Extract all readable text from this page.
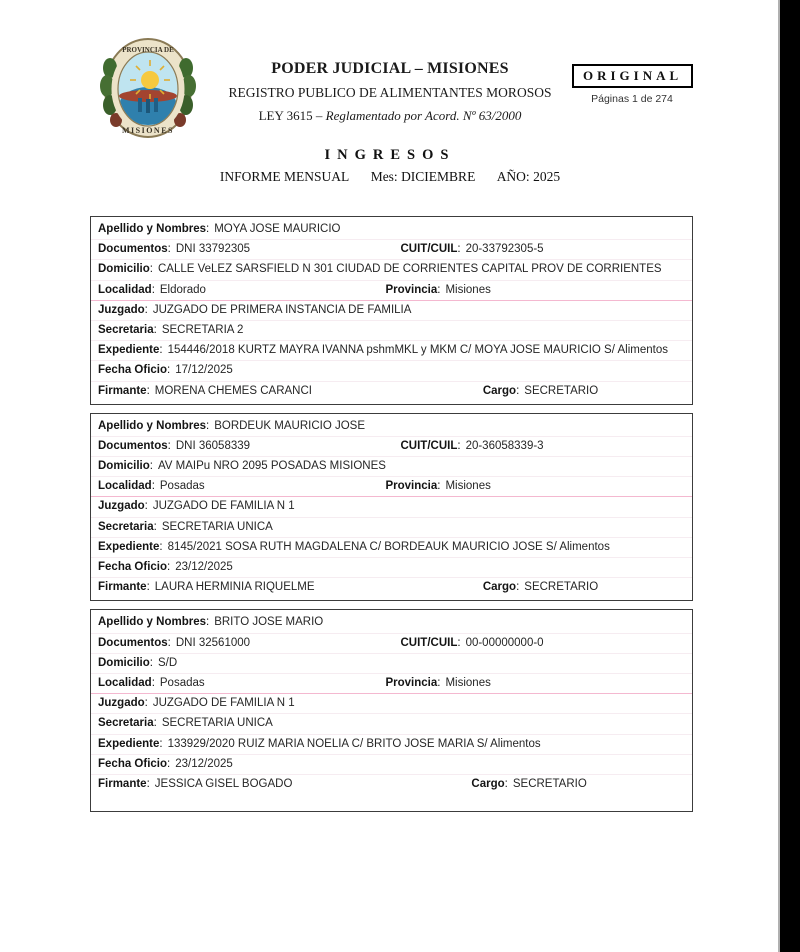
PROVINCIA DE
MISIONES
PODER JUDICIAL – MISIONES
REGISTRO PUBLICO DE ALIMENTANTES MOROSOS
LEY 3615 – Reglamentado por Acord. Nº 63/2000
ORIGINAL
Páginas 1 de 274
INGRESOS
INFORME MENSUAL Mes: DICIEMBRE AÑO: 2025
Apellido y Nombres : MOYA JOSE MAURICIO
Documentos : DNI 33792305	CUIT/CUIL : 20-33792305-5
Domicilio : CALLE VeLEZ SARSFIELD N 301 CIUDAD DE CORRIENTES CAPITAL PROV DE CORRIENTES
Localidad : Eldorado	Provincia : Misiones
Juzgado : JUZGADO DE PRIMERA INSTANCIA DE FAMILIA
Secretaria : SECRETARIA 2
Expediente : 154446/2018 KURTZ MAYRA IVANNA pshmMKL y MKM C/ MOYA JOSE MAURICIO S/ Alimentos
Fecha Oficio : 17/12/2025
Firmante : MORENA CHEMES CARANCI	Cargo : SECRETARIO
Apellido y Nombres : BORDEUK MAURICIO JOSE
Documentos : DNI 36058339	CUIT/CUIL : 20-36058339-3
Domicilio : AV MAIPu NRO 2095 POSADAS MISIONES
Localidad : Posadas	Provincia : Misiones
Juzgado : JUZGADO DE FAMILIA N 1
Secretaria : SECRETARIA UNICA
Expediente : 8145/2021 SOSA RUTH MAGDALENA C/ BORDEAUK MAURICIO JOSE S/ Alimentos
Fecha Oficio : 23/12/2025
Firmante : LAURA HERMINIA RIQUELME	Cargo : SECRETARIO
Apellido y Nombres : BRITO JOSE MARIO
Documentos : DNI 32561000	CUIT/CUIL : 00-00000000-0
Domicilio : S/D
Localidad : Posadas	Provincia : Misiones
Juzgado : JUZGADO DE FAMILIA N 1
Secretaria : SECRETARIA UNICA
Expediente : 133929/2020 RUIZ MARIA NOELIA C/ BRITO JOSE MARIA S/ Alimentos
Fecha Oficio : 23/12/2025
Firmante : JESSICA GISEL BOGADO	Cargo : SECRETARIO
